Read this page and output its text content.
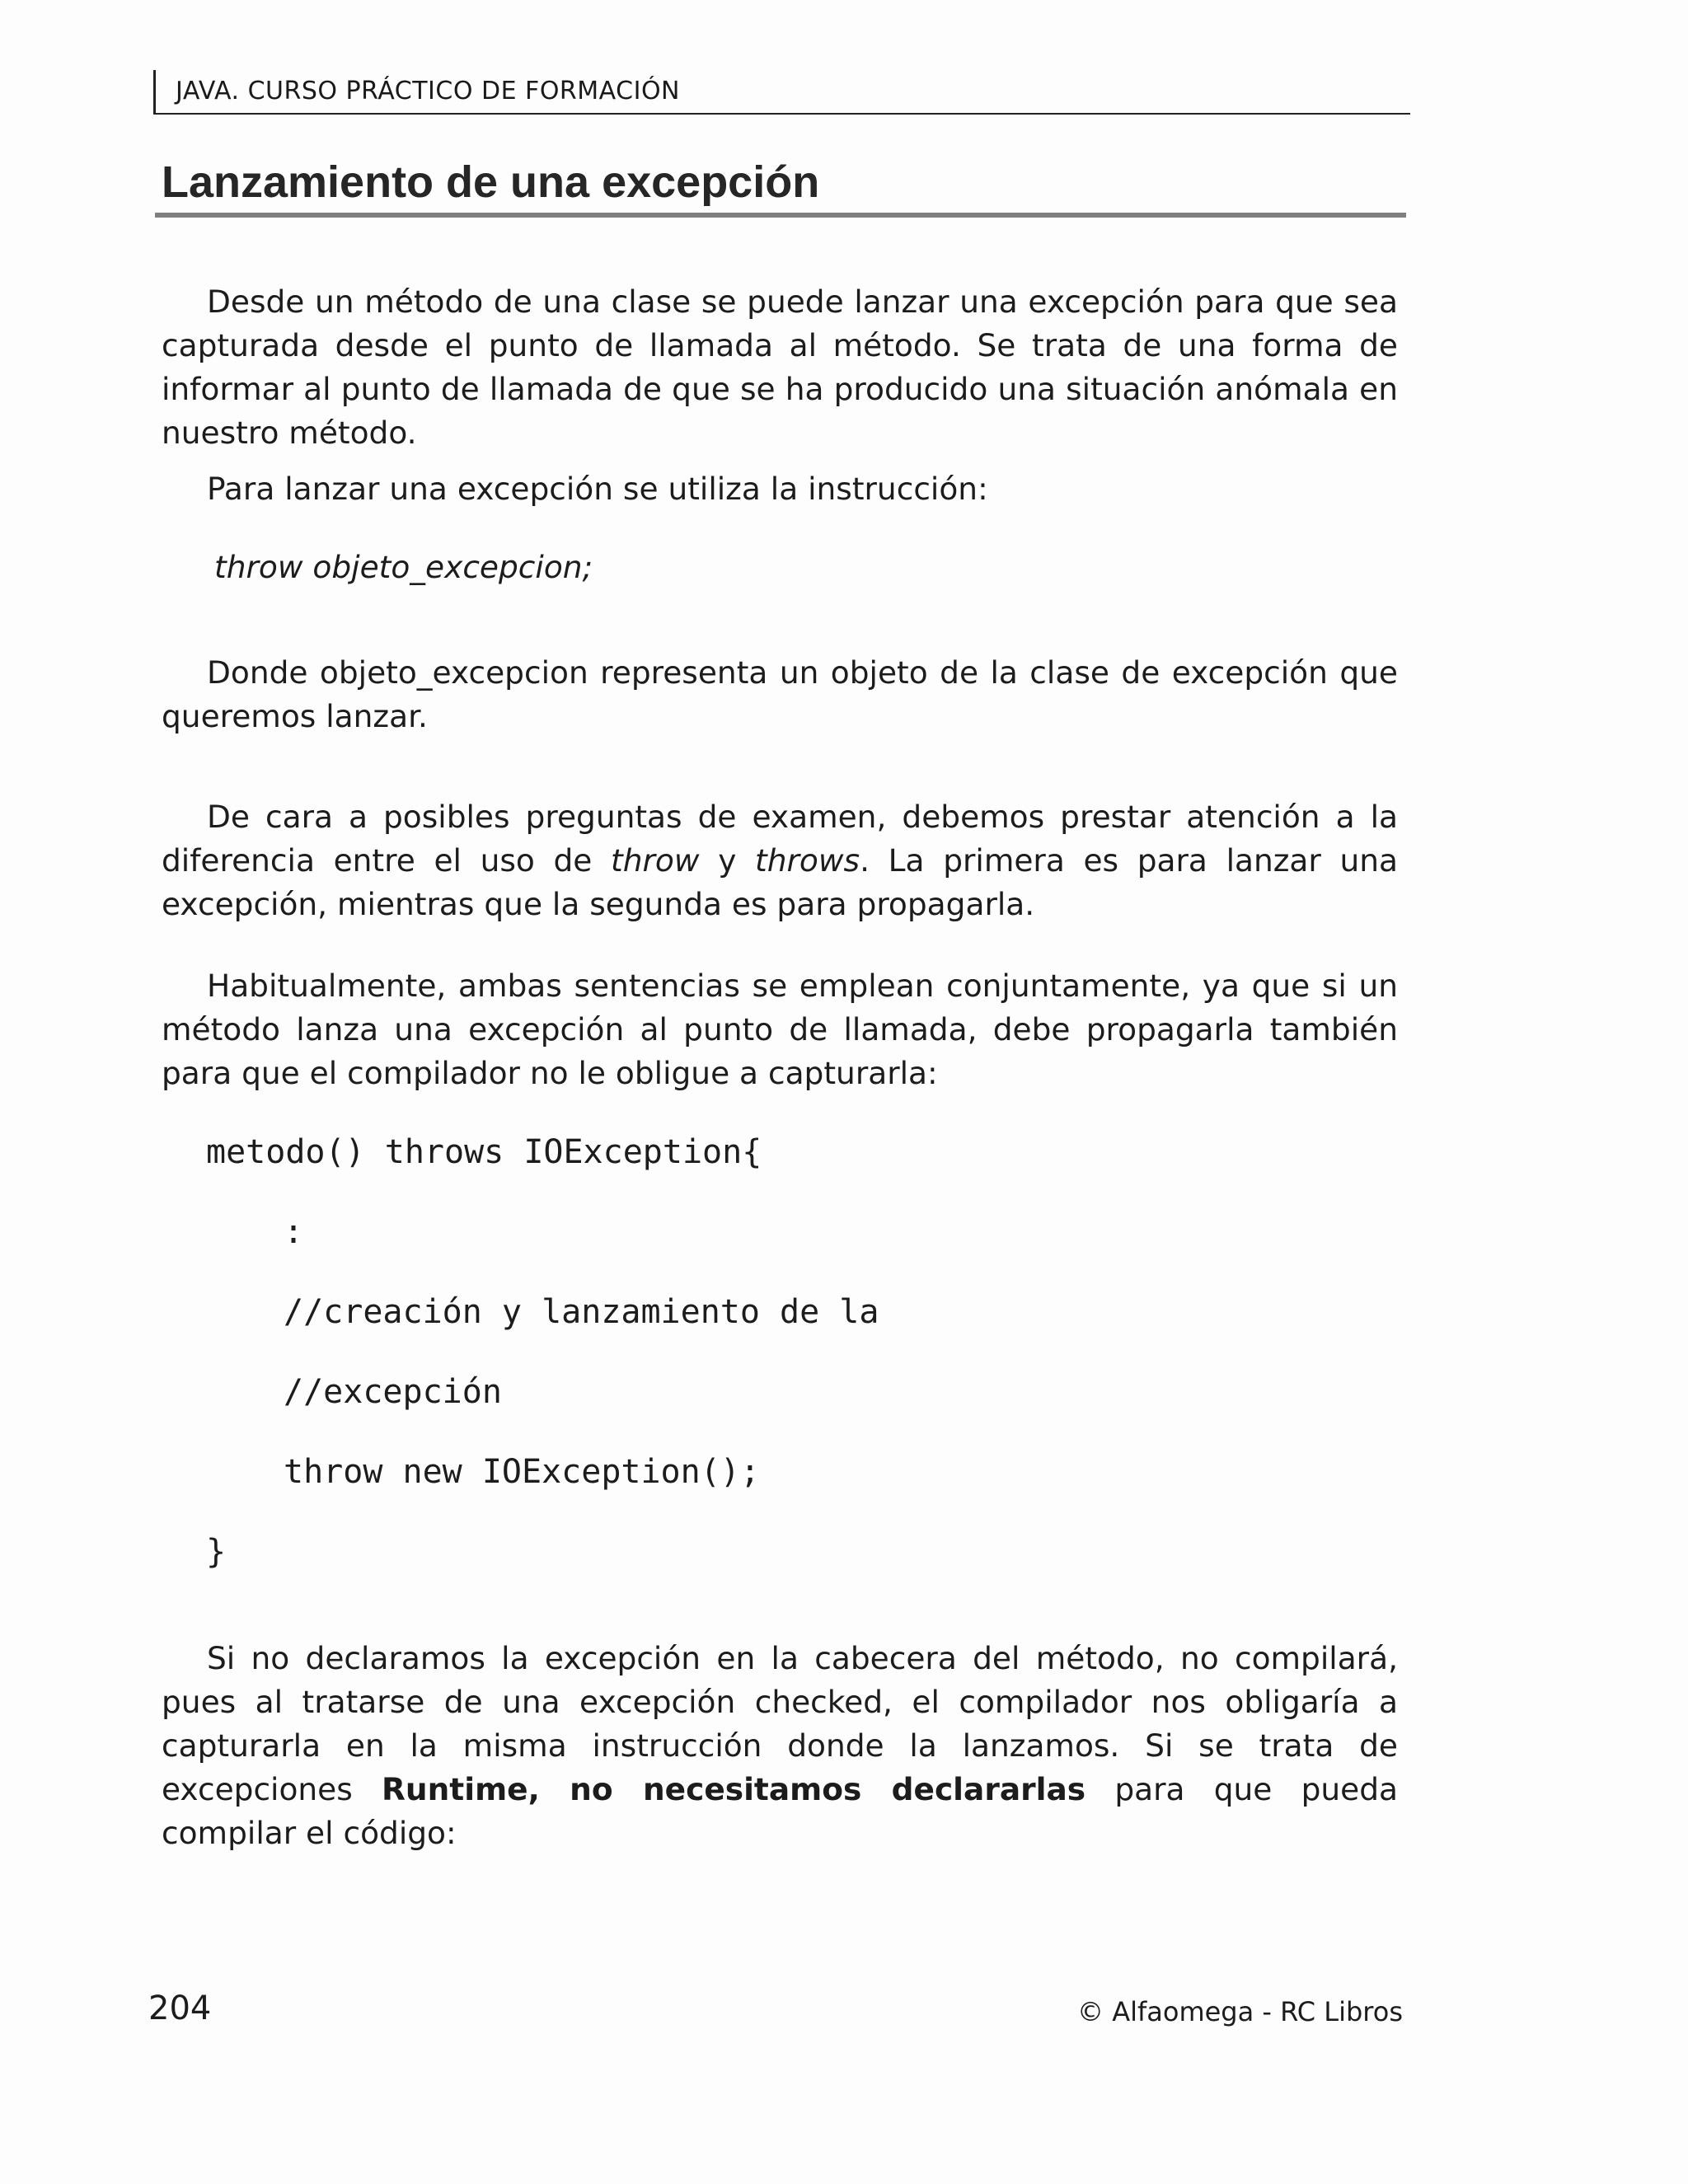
JAVA. CURSO PRÁCTICO DE FORMACIÓN
Lanzamiento de una excepción

Desde un método de una clase se puede lanzar una excepción para que sea capturada desde el punto de llamada al método. Se trata de una forma de informar al punto de llamada de que se ha producido una situación anómala en nuestro método.

Para lanzar una excepción se utiliza la instrucción:

throw objeto_excepcion;

Donde objeto_excepcion representa un objeto de la clase de excepción que queremos lanzar.

De cara a posibles preguntas de examen, debemos prestar atención a la diferencia entre el uso de throw y throws. La primera es para lanzar una excepción, mientras que la segunda es para propagarla.

Habitualmente, ambas sentencias se emplean conjuntamente, ya que si un método lanza una excepción al punto de llamada, debe propagarla también para que el compilador no le obligue a capturarla:

metodo() throws IOException{
:
//creación y lanzamiento de la
//excepción
throw new IOException();
}

Si no declaramos la excepción en la cabecera del método, no compilará, pues al tratarse de una excepción checked, el compilador nos obligaría a capturarla en la misma instrucción donde la lanzamos. Si se trata de excepciones Runtime, no necesitamos declararlas para que pueda compilar el código:

204	© Alfaomega - RC Libros
